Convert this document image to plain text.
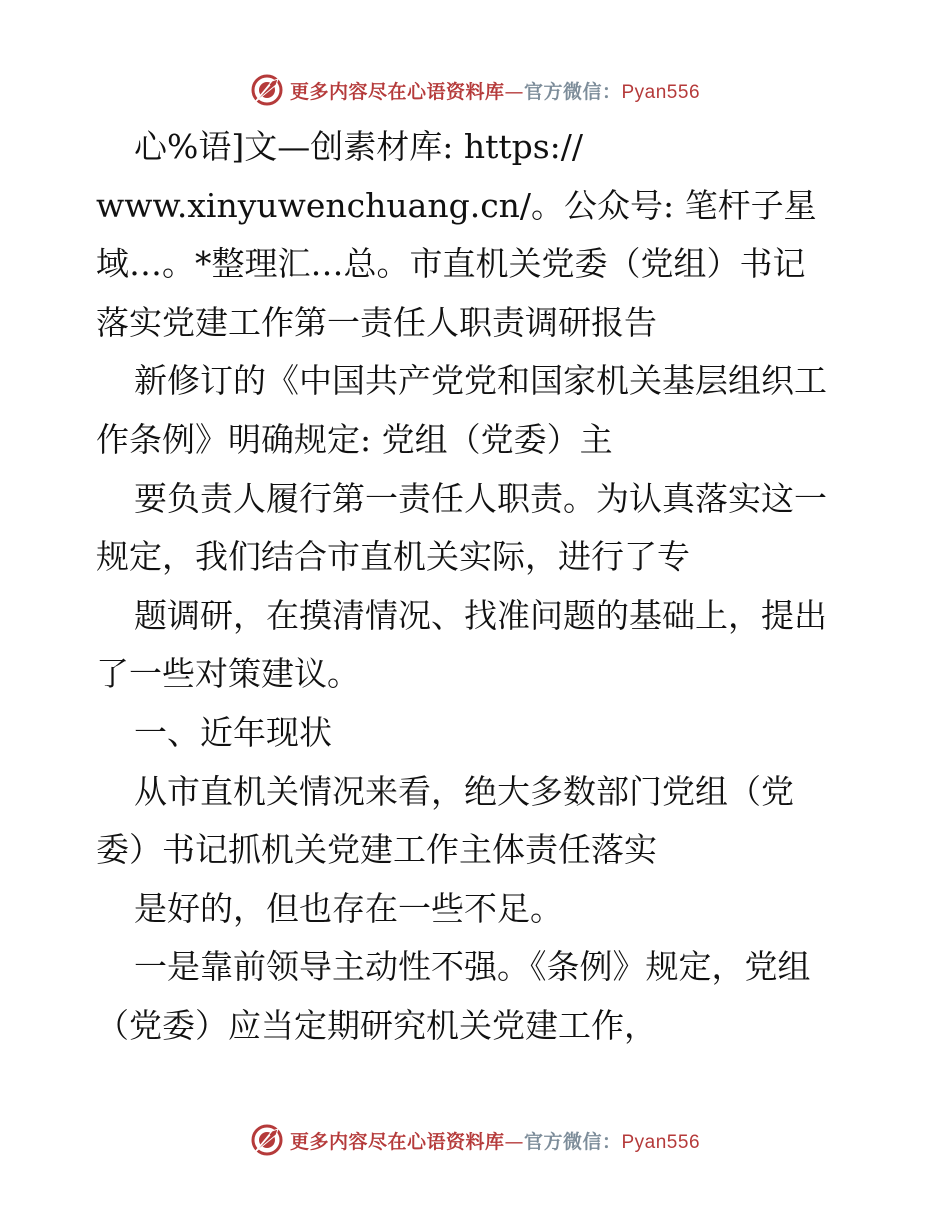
更多内容尽在心语资料库—官方微信：Pyan556

心%语]文—创素材库: https://

www.xinyuwenchuang.cn/。公众号: 笔杆子星

域…。*整理汇…总。市直机关党委（党组）书记

落实党建工作第一责任人职责调研报告

新修订的《中国共产党党和国家机关基层组织工

作条例》明确规定: 党组（党委）主

要负责人履行第一责任人职责。为认真落实这一

规定，我们结合市直机关实际，进行了专

题调研，在摸清情况、找准问题的基础上，提出

了一些对策建议。

一、近年现状

从市直机关情况来看，绝大多数部门党组（党

委）书记抓机关党建工作主体责任落实

是好的，但也存在一些不足。

一是靠前领导主动性不强。《条例》规定，党组

（党委）应当定期研究机关党建工作，

更多内容尽在心语资料库—官方微信：Pyan556
